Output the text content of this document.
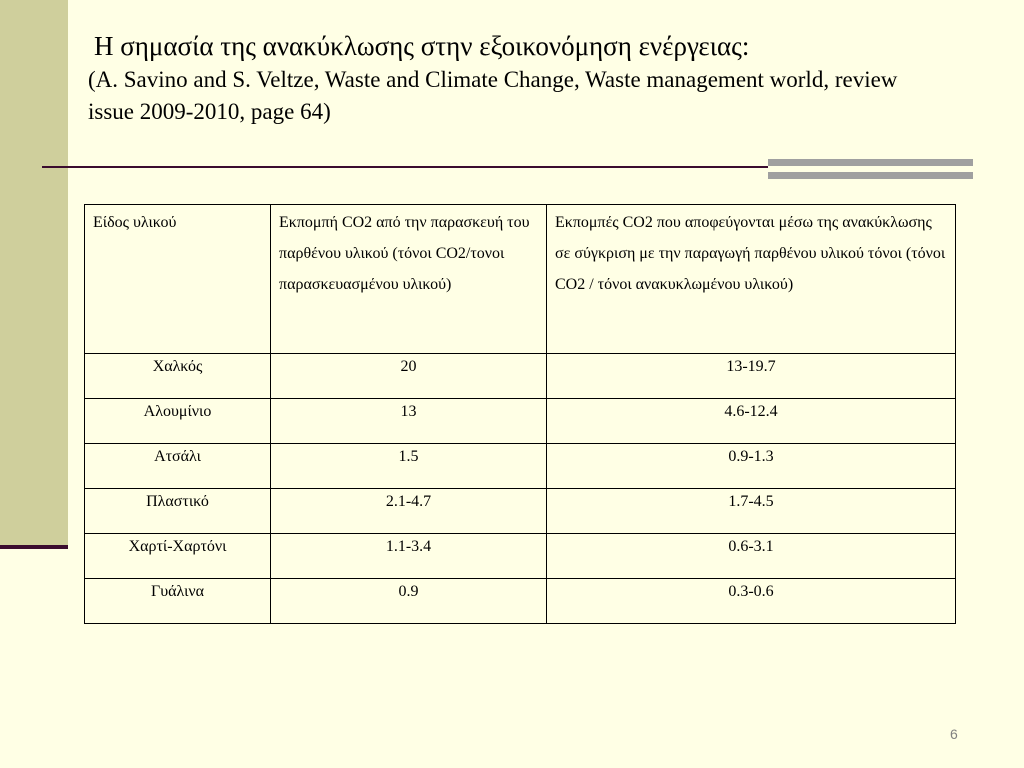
Η σημασία της ανακύκλωσης στην εξοικονόμηση ενέργειας:

(A. Savino and S. Veltze, Waste and Climate Change, Waste management world, review issue 2009-2010, page 64)

Είδος υλικού	Εκπομπή CO2 από την παρασκευή του παρθένου υλικού (τόνοι CO2/τονοι παρασκευασμένου υλικού)	Εκπομπές CO2 που αποφεύγονται μέσω της ανακύκλωσης σε σύγκριση με την παραγωγή παρθένου υλικού τόνοι (τόνοι CO2 / τόνοι ανακυκλωμένου υλικού)
Χαλκός	20	13-19.7
Αλουμίνιο	13	4.6-12.4
Ατσάλι	1.5	0.9-1.3
Πλαστικό	2.1-4.7	1.7-4.5
Χαρτί-Χαρτόνι	1.1-3.4	0.6-3.1
Γυάλινα	0.9	0.3-0.6
6
